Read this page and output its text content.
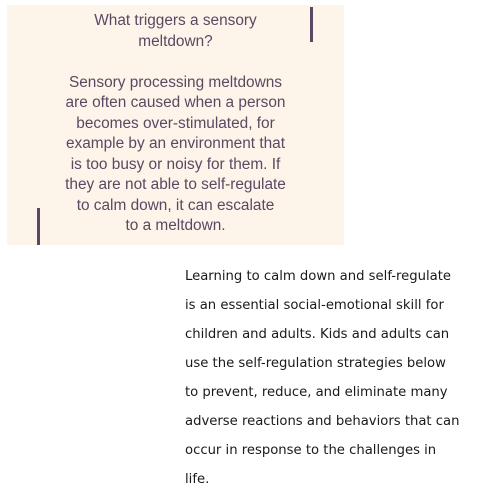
What triggers a sensory
meltdown?
Sensory processing meltdowns
are often caused when a person
becomes over-stimulated, for
example by an environment that
is too busy or noisy for them. If
they are not able to self-regulate
to calm down, it can escalate
to a meltdown.
Learning to calm down and self-regulate
is an essential social-emotional skill for
children and adults. Kids and adults can
use the self-regulation strategies below
to prevent, reduce, and eliminate many
adverse reactions and behaviors that can
occur in response to the challenges in
life.
